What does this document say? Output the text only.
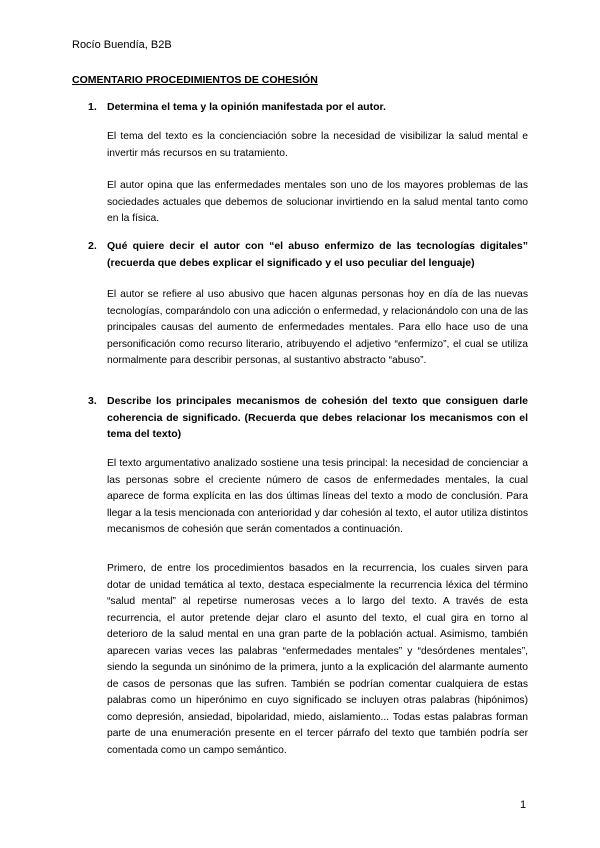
Rocío Buendía, B2B
COMENTARIO PROCEDIMIENTOS DE COHESIÓN
1. Determina el tema y la opinión manifestada por el autor.
El tema del texto es la concienciación sobre la necesidad de visibilizar la salud mental e invertir más recursos en su tratamiento.
El autor opina que las enfermedades mentales son uno de los mayores problemas de las sociedades actuales que debemos de solucionar invirtiendo en la salud mental tanto como en la física.
2. Qué quiere decir el autor con “el abuso enfermizo de las tecnologías digitales” (recuerda que debes explicar el significado y el uso peculiar del lenguaje)
El autor se refiere al uso abusivo que hacen algunas personas hoy en día de las nuevas tecnologías, comparándolo con una adicción o enfermedad, y relacionándolo con una de las principales causas del aumento de enfermedades mentales. Para ello hace uso de una personificación como recurso literario, atribuyendo el adjetivo “enfermizo”, el cual se utiliza normalmente para describir personas, al sustantivo abstracto “abuso”.
3. Describe los principales mecanismos de cohesión del texto que consiguen darle coherencia de significado. (Recuerda que debes relacionar los mecanismos con el tema del texto)
El texto argumentativo analizado sostiene una tesis principal: la necesidad de concienciar a las personas sobre el creciente número de casos de enfermedades mentales, la cual aparece de forma explícita en las dos últimas líneas del texto a modo de conclusión. Para llegar a la tesis mencionada con anterioridad y dar cohesión al texto, el autor utiliza distintos mecanismos de cohesión que serán comentados a continuación.
Primero, de entre los procedimientos basados en la recurrencia, los cuales sirven para dotar de unidad temática al texto, destaca especialmente la recurrencia léxica del término “salud mental” al repetirse numerosas veces a lo largo del texto. A través de esta recurrencia, el autor pretende dejar claro el asunto del texto, el cual gira en torno al deterioro de la salud mental en una gran parte de la población actual. Asimismo, también aparecen varias veces las palabras “enfermedades mentales” y “desórdenes mentales”, siendo la segunda un sinónimo de la primera, junto a la explicación del alarmante aumento de casos de personas que las sufren. También se podrían comentar cualquiera de estas palabras como un hiperónimo en cuyo significado se incluyen otras palabras (hipónimos) como depresión, ansiedad, bipolaridad, miedo, aislamiento... Todas estas palabras forman parte de una enumeración presente en el tercer párrafo del texto que también podría ser comentada como un campo semántico.
1
